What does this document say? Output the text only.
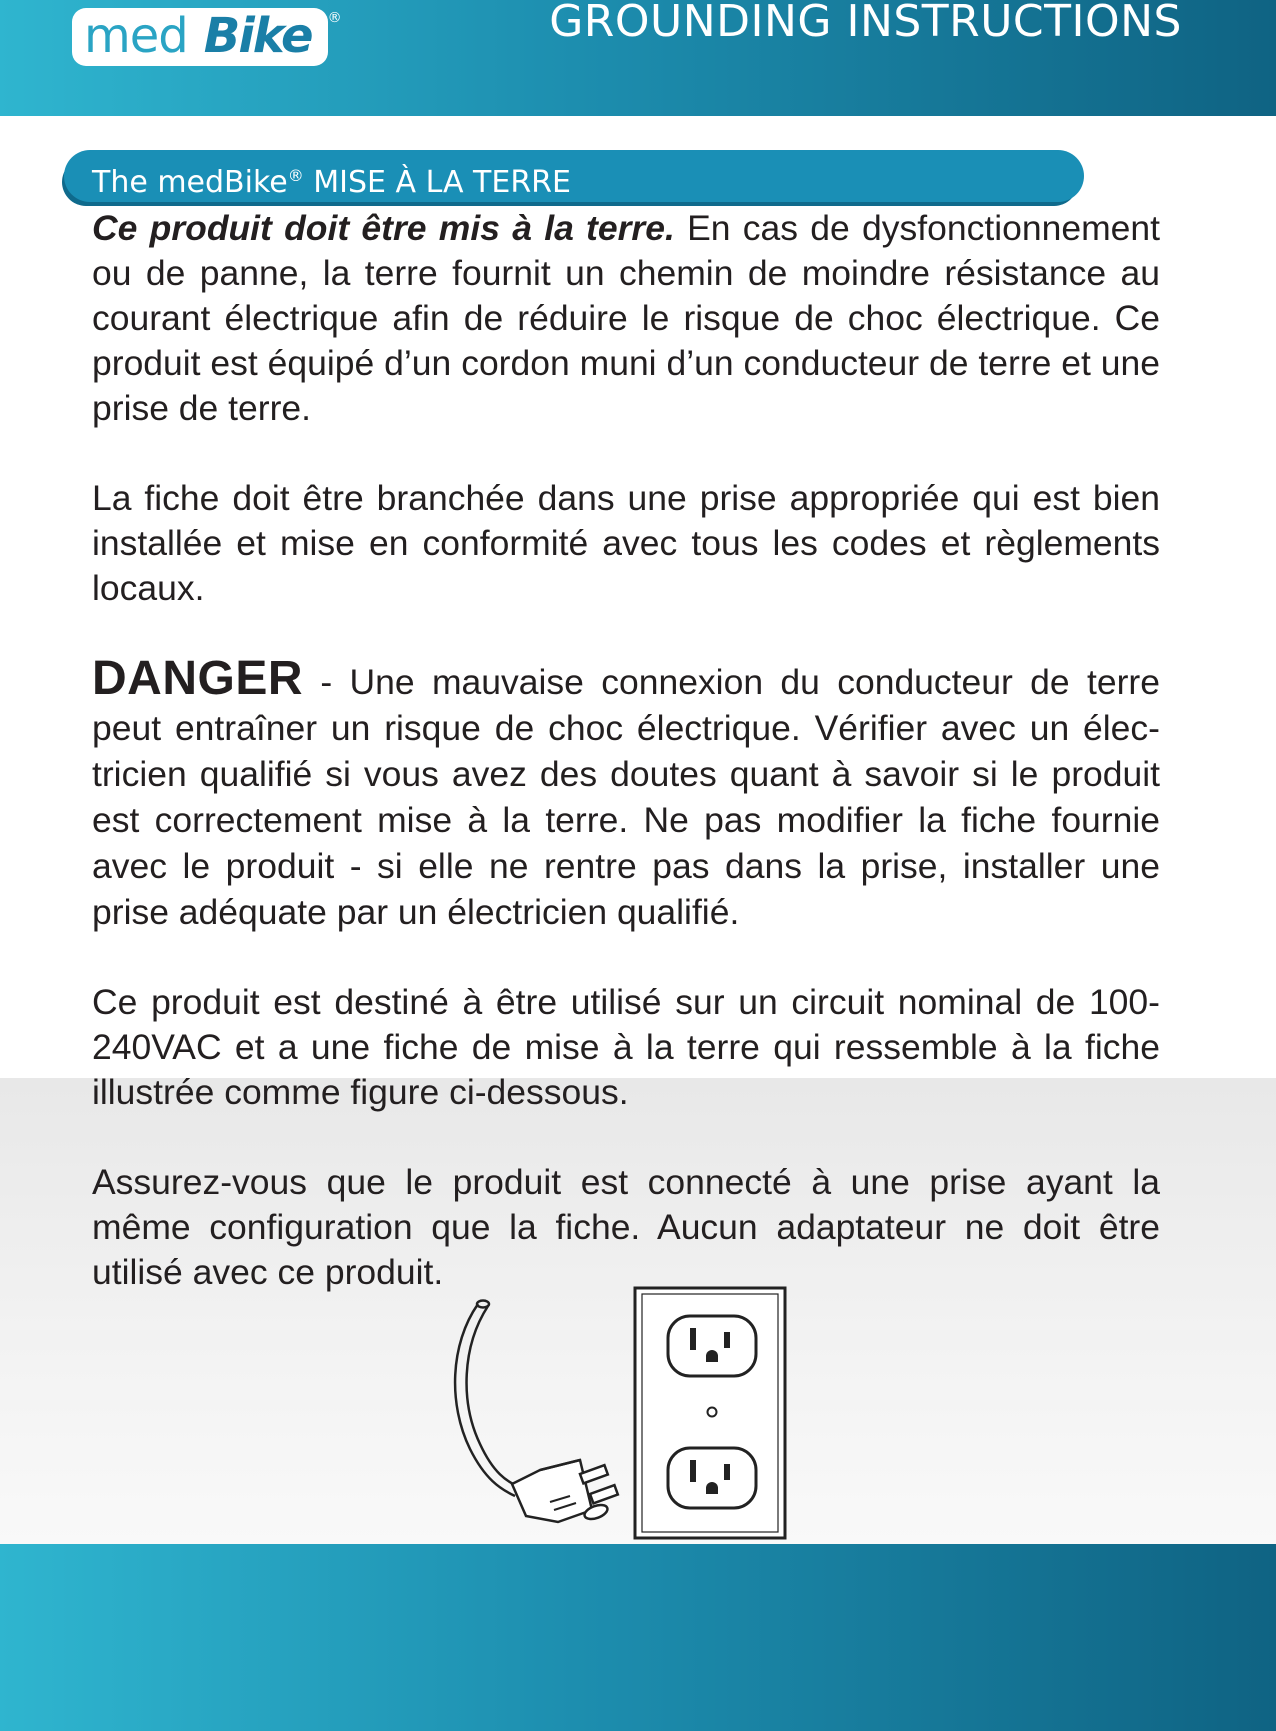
med Bike	®	GROUNDING INSTRUCTIONS
The medBike® MISE À LA TERRE

Ce produit doit être mis à la terre. En cas de dysfonctionnement ou de panne, la terre fournit un chemin de moindre résistance au courant électrique afin de réduire le risque de choc électrique. Ce produit est équipé d’un cordon muni d’un conducteur de terre et une prise de terre.

La fiche doit être branchée dans une prise appropriée qui est bien installée et mise en conformité avec tous les codes et règlements locaux.

DANGER - Une mauvaise connexion du conducteur de terre peut entraîner un risque de choc électrique. Vérifier avec un élec-tricien qualifié si vous avez des doutes quant à savoir si le produit est correctement mise à la terre. Ne pas modifier la fiche fournie avec le produit - si elle ne rentre pas dans la prise, installer une prise adéquate par un électricien qualifié.

Ce produit est destiné à être utilisé sur un circuit nominal de 100-240VAC et a une fiche de mise à la terre qui ressemble à la fiche illustrée comme figure ci-dessous.

Assurez-vous que le produit est connecté à une prise ayant la même configuration que la fiche. Aucun adaptateur ne doit être utilisé avec ce produit.
